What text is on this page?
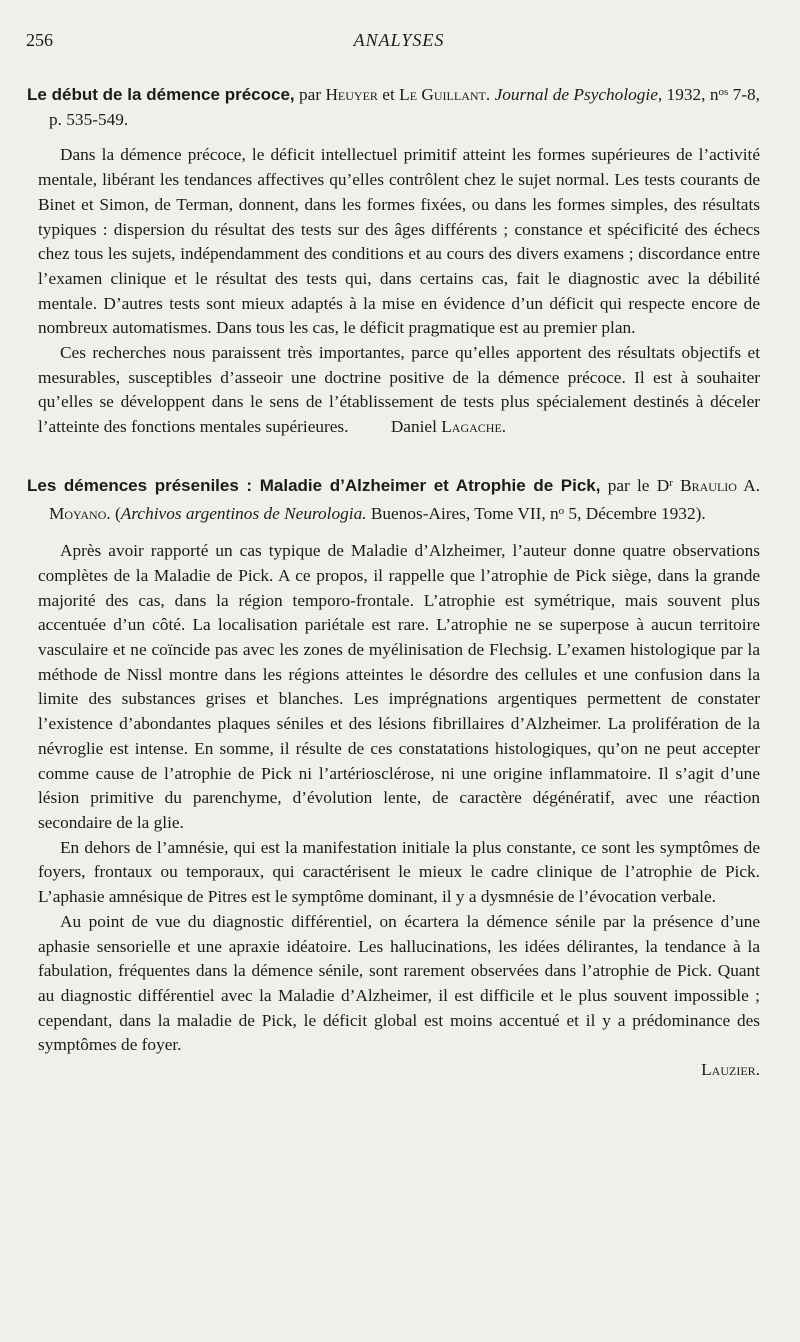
256	ANALYSES

Le début de la démence précoce, par Heuyer et Le Guillant. Journal de Psychologie, 1932, $n^{os}$ 7-8, p. 535-549.

Dans la démence précoce, le déficit intellectuel primitif atteint les formes supérieures de l’activité mentale, libérant les tendances affectives qu’elles contrôlent chez le sujet normal. Les tests courants de Binet et Simon, de Terman, donnent, dans les formes fixées, ou dans les formes simples, des résultats typiques : dispersion du résultat des tests sur des âges différents ; constance et spécificité des échecs chez tous les sujets, indépendamment des conditions et au cours des divers examens ; discordance entre l’examen clinique et le résultat des tests qui, dans certains cas, fait le diagnostic avec la débilité mentale. D’autres tests sont mieux adaptés à la mise en évidence d’un déficit qui respecte encore de nombreux automatismes. Dans tous les cas, le déficit pragmatique est au premier plan.

Ces recherches nous paraissent très importantes, parce qu’elles apportent des résultats objectifs et mesurables, susceptibles d’asseoir une doctrine positive de la démence précoce. Il est à souhaiter qu’elles se développent dans le sens de l’établissement de tests plus spécialement destinés à déceler l’atteinte des fonctions mentales supérieures. Daniel Lagache.

Les démences préseniles : Maladie d’Alzheimer et Atrophie de Pick, par le $D^r$ Braulio A. Moyano. (Archivos argentinos de Neurologia. Buenos-Aires, Tome VII, $n^o$ 5, Décembre 1932).

Après avoir rapporté un cas typique de Maladie d’Alzheimer, l’auteur donne quatre observations complètes de la Maladie de Pick. A ce propos, il rappelle que l’atrophie de Pick siège, dans la grande majorité des cas, dans la région temporo-frontale. L’atrophie est symétrique, mais souvent plus accentuée d’un côté. La localisation pariétale est rare. L’atrophie ne se superpose à aucun territoire vasculaire et ne coïncide pas avec les zones de myélinisation de Flechsig. L’examen histologique par la méthode de Nissl montre dans les régions atteintes le désordre des cellules et une confusion dans la limite des substances grises et blanches. Les imprégnations argentiques permettent de constater l’existence d’abondantes plaques séniles et des lésions fibrillaires d’Alzheimer. La prolifération de la névroglie est intense. En somme, il résulte de ces constatations histologiques, qu’on ne peut accepter comme cause de l’atrophie de Pick ni l’artériosclérose, ni une origine inflammatoire. Il s’agit d’une lésion primitive du parenchyme, d’évolution lente, de caractère dégénératif, avec une réaction secondaire de la glie.

En dehors de l’amnésie, qui est la manifestation initiale la plus constante, ce sont les symptômes de foyers, frontaux ou temporaux, qui caractérisent le mieux le cadre clinique de l’atrophie de Pick. L’aphasie amnésique de Pitres est le symptôme dominant, il y a dysmnésie de l’évocation verbale.

Au point de vue du diagnostic différentiel, on écartera la démence sénile par la présence d’une aphasie sensorielle et une apraxie idéatoire. Les hallucinations, les idées délirantes, la tendance à la fabulation, fréquentes dans la démence sénile, sont rarement observées dans l’atrophie de Pick. Quant au diagnostic différentiel avec la Maladie d’Alzheimer, il est difficile et le plus souvent impossible ; cependant, dans la maladie de Pick, le déficit global est moins accentué et il y a prédominance des symptômes de foyer.

Lauzier.
